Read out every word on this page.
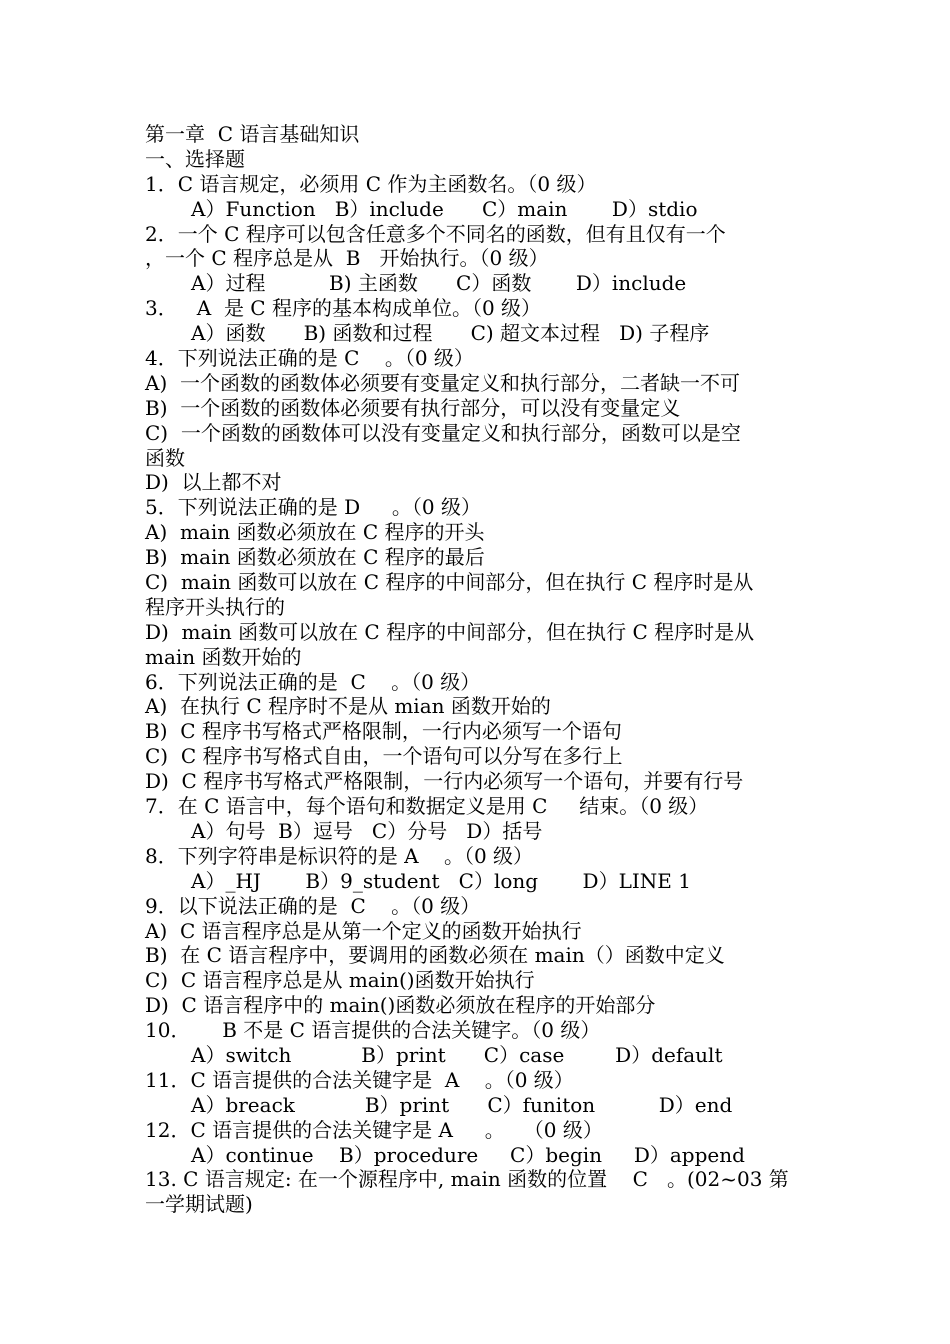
第一章  C 语言基础知识
一、选择题
1．C 语言规定，必须用 C 作为主函数名。（0 级）
A）Function   B）include      C）main       D）stdio
2．一个 C 程序可以包含任意多个不同名的函数，但有且仅有一个
，一个 C 程序总是从  B   开始执行。（0 级）
A）过程          B) 主函数      C）函数       D）include
3．   A  是 C 程序的基本构成单位。（0 级）
A）函数      B) 函数和过程      C) 超文本过程   D) 子程序
4．下列说法正确的是 C    。（0 级）
A)  一个函数的函数体必须要有变量定义和执行部分，二者缺一不可
B)  一个函数的函数体必须要有执行部分，可以没有变量定义
C)  一个函数的函数体可以没有变量定义和执行部分，函数可以是空
函数
D)  以上都不对
5．下列说法正确的是 D     。（0 级）
A)  main 函数必须放在 C 程序的开头
B)  main 函数必须放在 C 程序的最后
C)  main 函数可以放在 C 程序的中间部分，但在执行 C 程序时是从
程序开头执行的
D)  main 函数可以放在 C 程序的中间部分，但在执行 C 程序时是从
main 函数开始的
6．下列说法正确的是  C    。（0 级）
A)  在执行 C 程序时不是从 mian 函数开始的
B)  C 程序书写格式严格限制，一行内必须写一个语句
C)  C 程序书写格式自由，一个语句可以分写在多行上
D)  C 程序书写格式严格限制，一行内必须写一个语句，并要有行号
7．在 C 语言中，每个语句和数据定义是用 C     结束。（0 级）
A）句号  B）逗号   C）分号   D）括号
8．下列字符串是标识符的是 A    。（0 级）
A）_HJ       B）9_student   C）long       D）LINE 1
9．以下说法正确的是  C    。（0 级）
A)  C 语言程序总是从第一个定义的函数开始执行
B)  在 C 语言程序中，要调用的函数必须在 main（）函数中定义
C)  C 语言程序总是从 main()函数开始执行
D)  C 语言程序中的 main()函数必须放在程序的开始部分
10．     B 不是 C 语言提供的合法关键字。（0 级）
A）switch           B）print      C）case        D）default
11．C 语言提供的合法关键字是  A    。（0 级）
A）breack           B）print      C）funiton          D）end
12．C 语言提供的合法关键字是 A     。   （0 级）
A）continue    B）procedure     C）begin     D）append
13. C 语言规定: 在一个源程序中, main 函数的位置    C   。(02~03 第
一学期试题)
